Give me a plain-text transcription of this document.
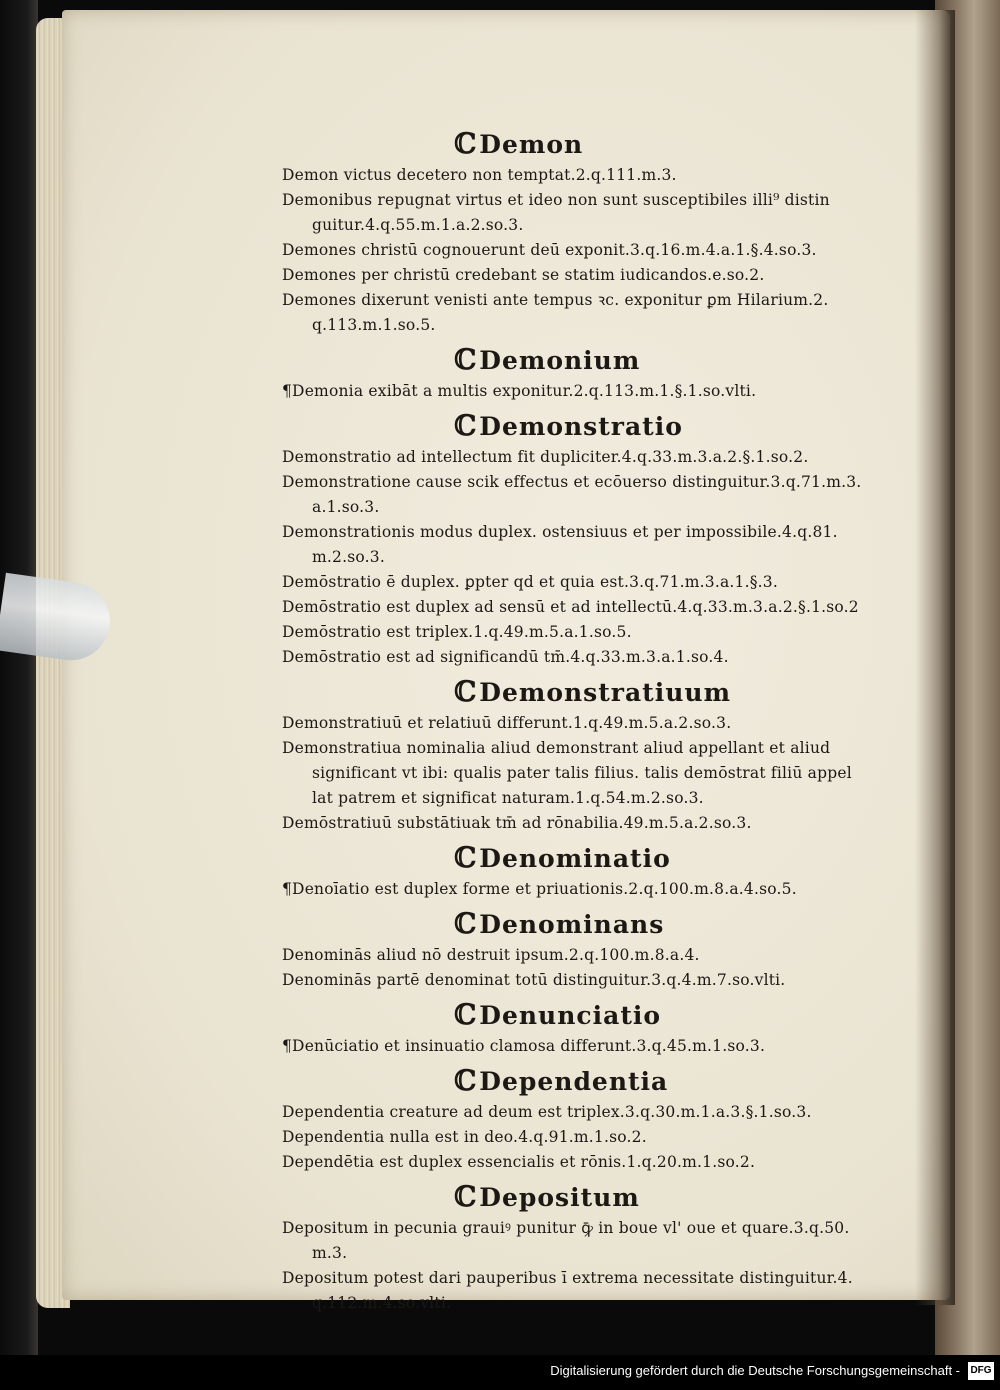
ℂDemon
Demon victus decetero non temptat.2.q.111.m.3.
Demonibus repugnat virtus et ideo non sunt susceptibiles illi⁹ distin
guitur.4.q.55.m.1.a.2.so.3.
Demones christū cognouerunt deū exponit.3.q.16.m.4.a.1.§.4.so.3.
Demones per christū credebant se statim iudicandos.e.so.2.
Demones dixerunt venisti ante tempus ꝛc. exponitur ꝑm Hilarium.2.
q.113.m.1.so.5.
ℂDemonium
¶Demonia exibāt a multis exponitur.2.q.113.m.1.§.1.so.vlti.
ℂDemonstratio
Demonstratio ad intellectum fit dupliciter.4.q.33.m.3.a.2.§.1.so.2.
Demonstratione cause scik effectus et ecōuerso distinguitur.3.q.71.m.3.
a.1.so.3.
Demonstrationis modus duplex. ostensiuus et per impossibile.4.q.81.
m.2.so.3.
Demōstratio ē duplex. ꝑpter qd et quia est.3.q.71.m.3.a.1.§.3.
Demōstratio est duplex ad sensū et ad intellectū.4.q.33.m.3.a.2.§.1.so.2
Demōstratio est triplex.1.q.49.m.5.a.1.so.5.
Demōstratio est ad significandū tm̄.4.q.33.m.3.a.1.so.4.
ℂDemonstratiuum
Demonstratiuū et relatiuū differunt.1.q.49.m.5.a.2.so.3.
Demonstratiua nominalia aliud demonstrant aliud appellant et aliud
significant vt ibi: qualis pater talis filius. talis demōstrat filiū appel
lat patrem et significat naturam.1.q.54.m.2.so.3.
Demōstratiuū substātiuak tm̄ ad rōnabilia.49.m.5.a.2.so.3.
ℂDenominatio
¶Denoīatio est duplex forme et priuationis.2.q.100.m.8.a.4.so.5.
ℂDenominans
Denominās aliud nō destruit ipsum.2.q.100.m.8.a.4.
Denominās partē denominat totū distinguitur.3.q.4.m.7.so.vlti.
ℂDenunciatio
¶Denūciatio et insinuatio clamosa differunt.3.q.45.m.1.so.3.
ℂDependentia
Dependentia creature ad deum est triplex.3.q.30.m.1.a.3.§.1.so.3.
Dependentia nulla est in deo.4.q.91.m.1.so.2.
Dependētia est duplex essencialis et rōnis.1.q.20.m.1.so.2.
ℂDepositum
Depositum in pecunia grauiꝰ punitur ꝙ̄ in boue vl' oue et quare.3.q.50.
m.3.
Depositum potest dari pauperibus ī extrema necessitate distinguitur.4.
q.112.m.4.so.vlti.
Digitalisierung gefördert durch die Deutsche Forschungsgemeinschaft - DFG
